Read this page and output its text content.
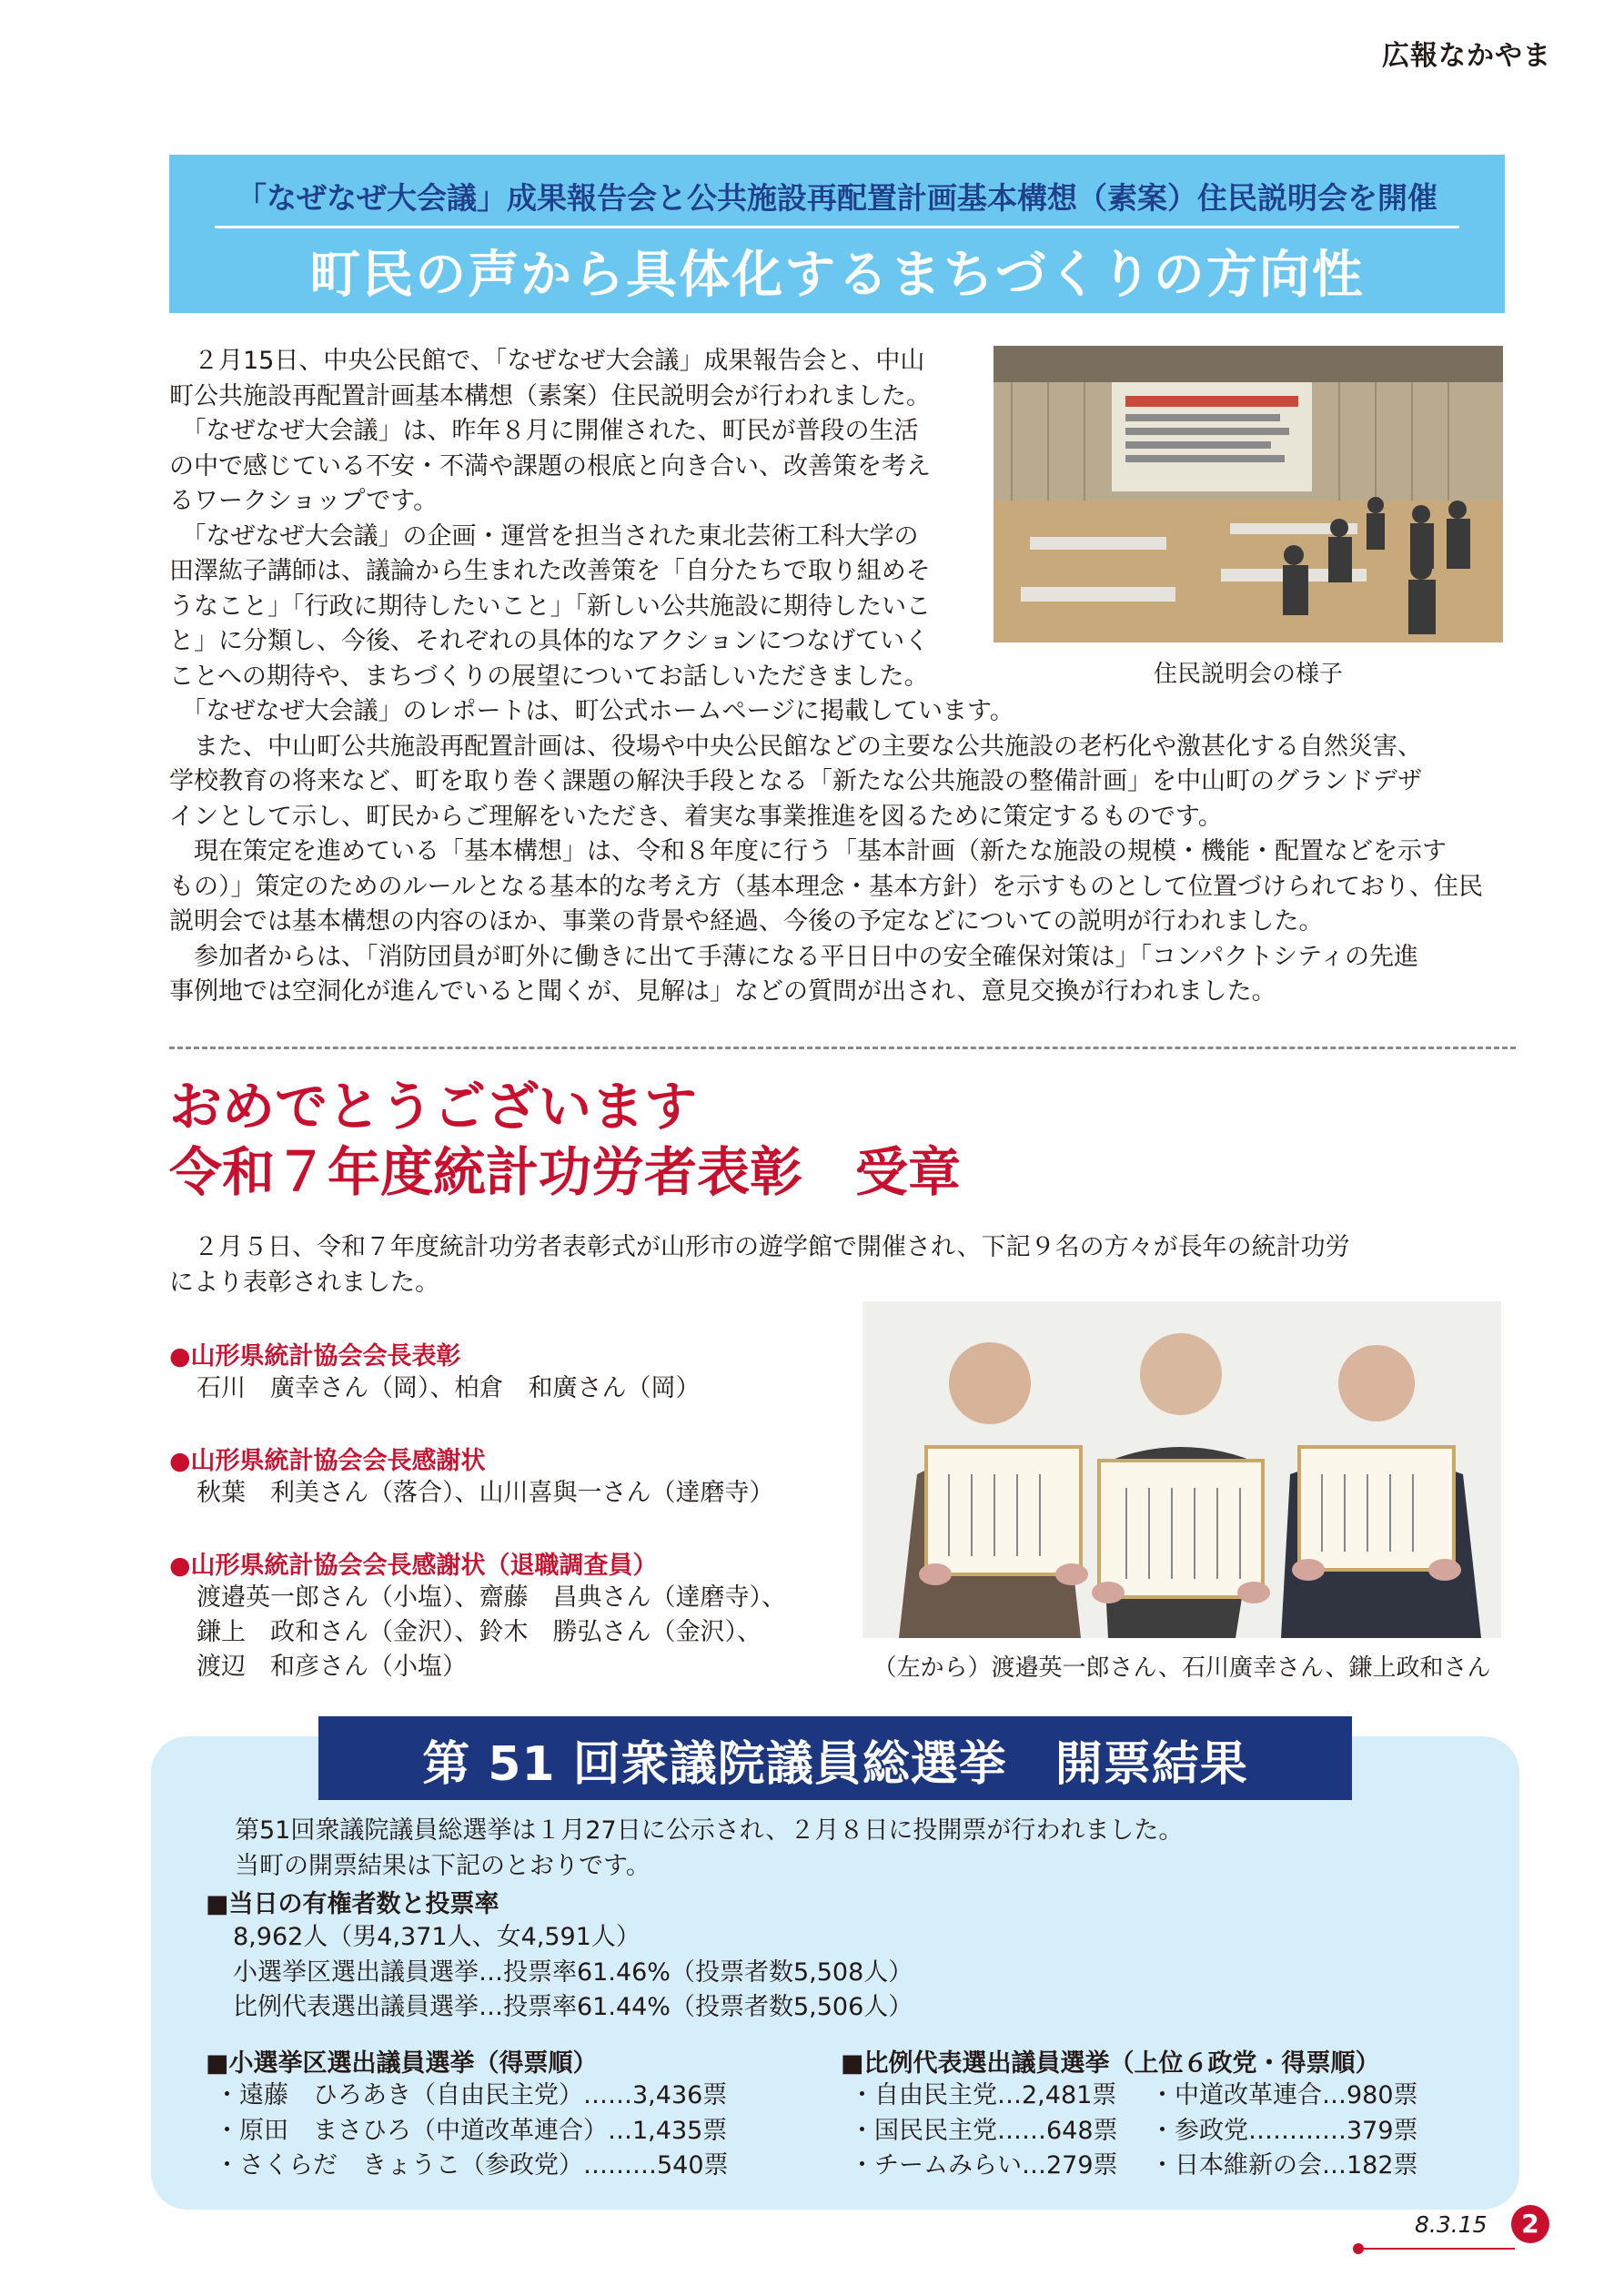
広報なかやま
「なぜなぜ大会議」成果報告会と公共施設再配置計画基本構想（素案）住民説明会を開催
町民の声から具体化するまちづくりの方向性

　２月15日、中央公民館で、「なぜなぜ大会議」成果報告会と、中山

町公共施設再配置計画基本構想（素案）住民説明会が行われました。

　「なぜなぜ大会議」は、昨年８月に開催された、町民が普段の生活

の中で感じている不安・不満や課題の根底と向き合い、改善策を考え

るワークショップです。

　「なぜなぜ大会議」の企画・運営を担当された東北芸術工科大学の

田澤紘子講師は、議論から生まれた改善策を「自分たちで取り組めそ

うなこと」「行政に期待したいこと」「新しい公共施設に期待したいこ

と」に分類し、今後、それぞれの具体的なアクションにつなげていく

ことへの期待や、まちづくりの展望についてお話しいただきました。	住民説明会の様子

　「なぜなぜ大会議」のレポートは、町公式ホームページに掲載しています。

　また、中山町公共施設再配置計画は、役場や中央公民館などの主要な公共施設の老朽化や激甚化する自然災害、

学校教育の将来など、町を取り巻く課題の解決手段となる「新たな公共施設の整備計画」を中山町のグランドデザ

インとして示し、町民からご理解をいただき、着実な事業推進を図るために策定するものです。

　現在策定を進めている「基本構想」は、令和８年度に行う「基本計画（新たな施設の規模・機能・配置などを示す

もの）」策定のためのルールとなる基本的な考え方（基本理念・基本方針）を示すものとして位置づけられており、住民

説明会では基本構想の内容のほか、事業の背景や経過、今後の予定などについての説明が行われました。

　参加者からは、「消防団員が町外に働きに出て手薄になる平日日中の安全確保対策は」「コンパクトシティの先進

事例地では空洞化が進んでいると聞くが、見解は」などの質問が出され、意見交換が行われました。

おめでとうございます
令和７年度統計功労者表彰　受章

　２月５日、令和７年度統計功労者表彰式が山形市の遊学館で開催され、下記９名の方々が長年の統計功労

により表彰されました。

●山形県統計協会会長表彰
石川　廣幸さん（岡）、柏倉　和廣さん（岡）
●山形県統計協会会長感謝状
秋葉　利美さん（落合）、山川喜與一さん（達磨寺）
●山形県統計協会会長感謝状（退職調査員）
渡邉英一郎さん（小塩）、齋藤　昌典さん（達磨寺）、
鎌上　政和さん（金沢）、鈴木　勝弘さん（金沢）、
渡辺　和彦さん（小塩）	（左から）渡邉英一郎さん、石川廣幸さん、鎌上政和さん
第 51 回衆議院議員総選挙　開票結果

第51回衆議院議員総選挙は１月27日に公示され、２月８日に投開票が行われました。

当町の開票結果は下記のとおりです。

■当日の有権者数と投票率

8,962人（男4,371人、女4,591人）

小選挙区選出議員選挙…投票率61.46%（投票者数5,508人）

比例代表選出議員選挙…投票率61.44%（投票者数5,506人）

■小選挙区選出議員選挙（得票順）
・遠藤　ひろあき（自由民主党）……3,436票
・原田　まさひろ（中道改革連合）…1,435票
・さくらだ　きょうこ（参政党）………540票
■比例代表選出議員選挙（上位６政党・得票順）
・自由民主党…2,481票	・中道改革連合…980票
・国民民主党……648票	・参政党…………379票
・チームみらい…279票	・日本維新の会…182票
8.3.15	2
